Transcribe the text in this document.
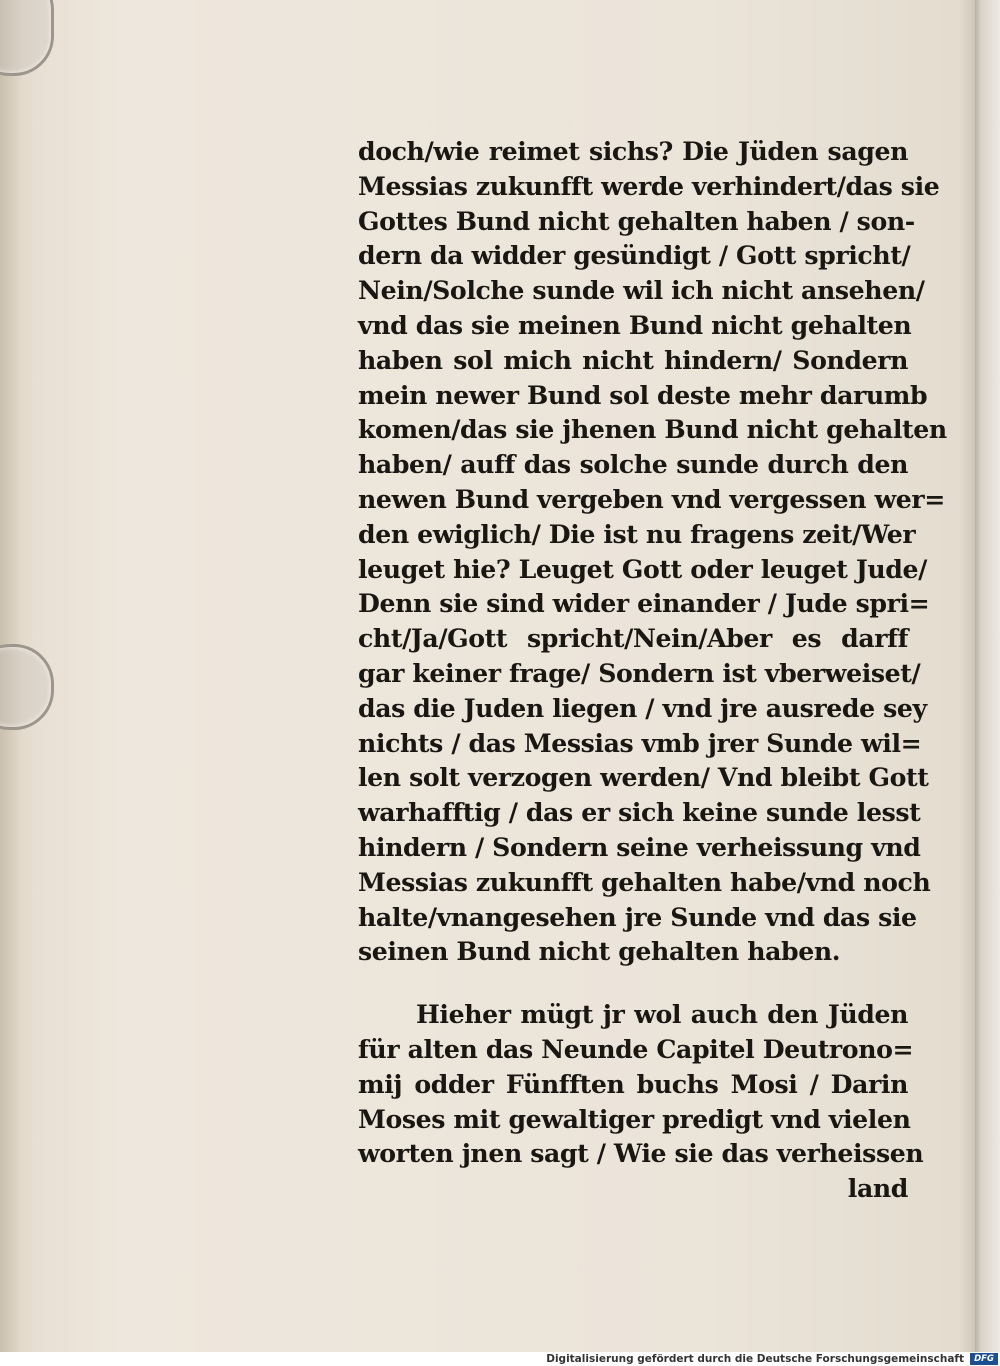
doch/wie reimet sichs? Die Jüden sagen
Messias zukunfft werde verhindert/das sie
Gottes Bund nicht gehalten haben / son-
dern da widder gesündigt / Gott spricht/
Nein/Solche sunde wil ich nicht ansehen/
vnd das sie meinen Bund nicht gehalten
haben sol mich nicht hindern/ Sondern
mein newer Bund sol deste mehr darumb
komen/das sie jhenen Bund nicht gehalten
haben/ auff das solche sunde durch den
newen Bund vergeben vnd vergessen wer=
den ewiglich/ Die ist nu fragens zeit/Wer
leuget hie? Leuget Gott oder leuget Jude/
Denn sie sind wider einander / Jude spri=
cht/Ja/Gott spricht/Nein/Aber es darff
gar keiner frage/ Sondern ist vberweiset/
das die Juden liegen / vnd jre ausrede sey
nichts / das Messias vmb jrer Sunde wil=
len solt verzogen werden/ Vnd bleibt Gott
warhafftig / das er sich keine sunde lesst
hindern / Sondern seine verheissung vnd
Messias zukunfft gehalten habe/vnd noch
halte/vnangesehen jre Sunde vnd das sie
seinen Bund nicht gehalten haben.
Hieher mügt jr wol auch den Jüden
für alten das Neunde Capitel Deutrono=
mij odder Fünfften buchs Mosi / Darin
Moses mit gewaltiger predigt vnd vielen
worten jnen sagt / Wie sie das verheissen
land
Digitalisierung gefördert durch die Deutsche Forschungsgemeinschaft DFG
